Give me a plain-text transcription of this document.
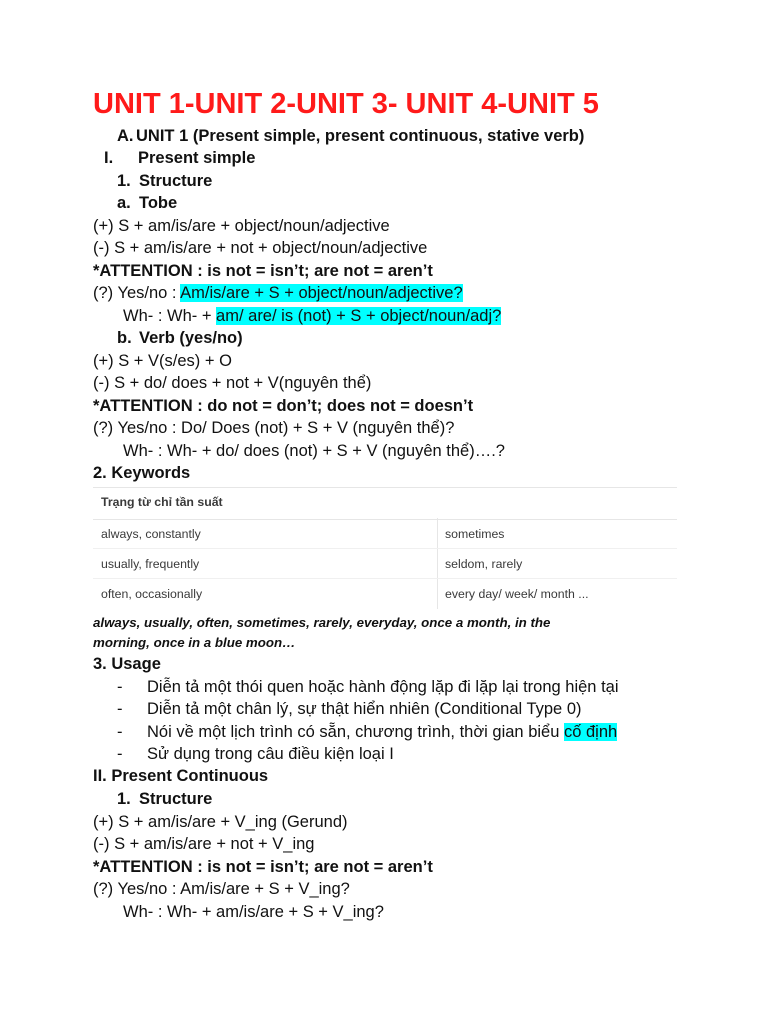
UNIT 1-UNIT 2-UNIT 3- UNIT 4-UNIT 5
A. UNIT 1 (Present simple, present continuous, stative verb)
I. Present simple
1. Structure
a. Tobe
(+) S + am/is/are + object/noun/adjective
(-) S + am/is/are + not + object/noun/adjective
*ATTENTION : is not = isn’t; are not = aren’t
(?) Yes/no : Am/is/are + S + object/noun/adjective?
Wh- : Wh- + am/ are/ is (not) + S + object/noun/adj?
b. Verb (yes/no)
(+) S + V(s/es) + O
(-) S + do/ does + not + V(nguyên thể)
*ATTENTION : do not = don’t; does not = doesn’t
(?) Yes/no : Do/ Does (not) + S + V (nguyên thể)?
Wh- : Wh- + do/ does (not) + S + V (nguyên thể)….?
2. Keywords
Trạng từ chỉ tần suất
always, constantly	sometimes
usually, frequently	seldom, rarely
often, occasionally	every day/ week/ month ...
always, usually, often, sometimes, rarely, everyday, once a month, in the
morning, once in a blue moon…
3. Usage
- Diễn tả một thói quen hoặc hành động lặp đi lặp lại trong hiện tại
- Diễn tả một chân lý, sự thật hiển nhiên (Conditional Type 0)
- Nói về một lịch trình có sẵn, chương trình, thời gian biểu cố định
- Sử dụng trong câu điều kiện loại I
II. Present Continuous
1. Structure
(+) S + am/is/are + V_ing (Gerund)
(-) S + am/is/are + not + V_ing
*ATTENTION : is not = isn’t; are not = aren’t
(?) Yes/no : Am/is/are + S + V_ing?
Wh- : Wh- + am/is/are + S + V_ing?
